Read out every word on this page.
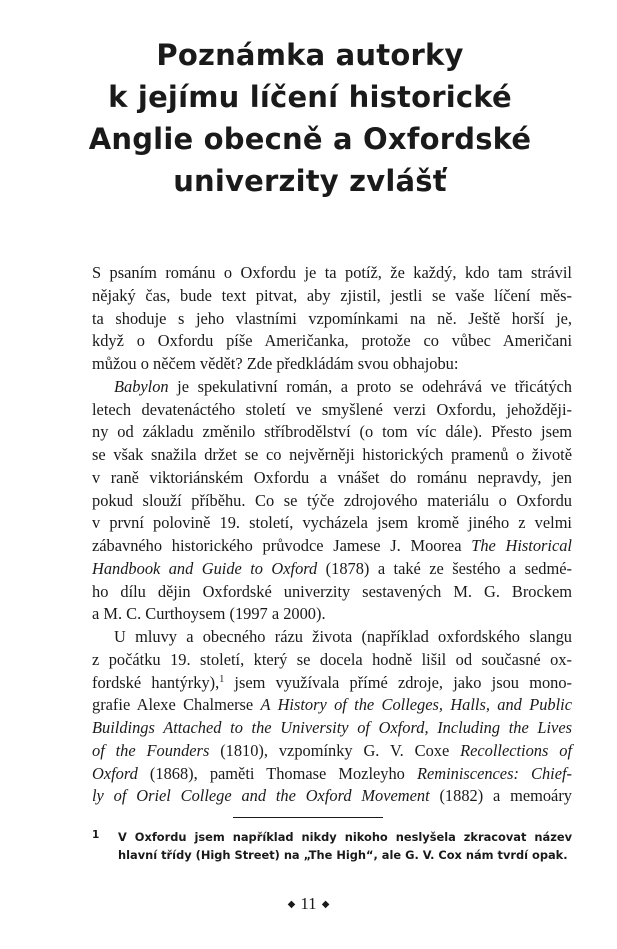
Poznámka autorky
k jejímu líčení historické
Anglie obecně a Oxfordské
univerzity zvlášť
S psaním románu o Oxfordu je ta potíž, že každý, kdo tam strávil
nějaký čas, bude text pitvat, aby zjistil, jestli se vaše líčení měs-
ta shoduje s jeho vlastními vzpomínkami na ně. Ještě horší je,
když o Oxfordu píše Američanka, protože co vůbec Američani
můžou o něčem vědět? Zde předkládám svou obhajobu:
Babylon je spekulativní román, a proto se odehrává ve třicátých
letech devatenáctého století ve smyšlené verzi Oxfordu, jehožději-
ny od základu změnilo stříbrodělství (o tom víc dále). Přesto jsem
se však snažila držet se co nejvěrněji historických pramenů o životě
v raně viktoriánském Oxfordu a vnášet do románu nepravdy, jen
pokud slouží příběhu. Co se týče zdrojového materiálu o Oxfordu
v první polovině 19. století, vycházela jsem kromě jiného z velmi
zábavného historického průvodce Jamese J. Moorea The Historical
Handbook and Guide to Oxford (1878) a také ze šestého a sedmé-
ho dílu dějin Oxfordské univerzity sestavených M. G. Brockem
a M. C. Curthoysem (1997 a 2000).
U mluvy a obecného rázu života (například oxfordského slangu
z počátku 19. století, který se docela hodně lišil od současné ox-
fordské hantýrky),$^1$ jsem využívala přímé zdroje, jako jsou mono-
grafie Alexe Chalmerse A History of the Colleges, Halls, and Public
Buildings Attached to the University of Oxford, Including the Lives
of the Founders (1810), vzpomínky G. V. Coxe Recollections of
Oxford (1868), paměti Thomase Mozleyho Reminiscences: Chief-
ly of Oriel College and the Oxford Movement (1882) a memoáry
1 V Oxfordu jsem například nikdy nikoho neslyšela zkracovat název
hlavní třídy (High Street) na „The High“, ale G. V. Cox nám tvrdí opak.
◆ 11 ◆
